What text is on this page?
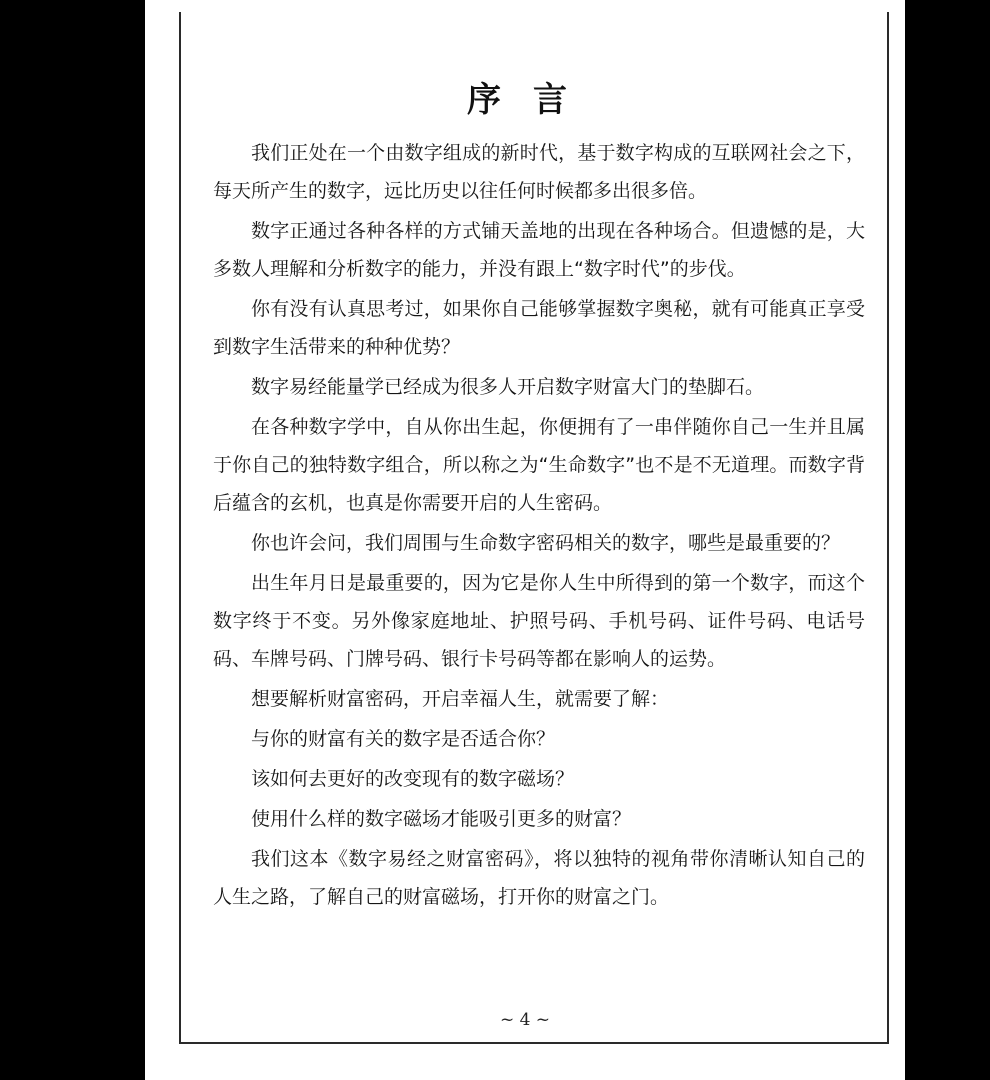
序言

我们正处在一个由数字组成的新时代，基于数字构成的互联网社会之下，每天所产生的数字，远比历史以往任何时候都多出很多倍。

数字正通过各种各样的方式铺天盖地的出现在各种场合。但遗憾的是，大多数人理解和分析数字的能力，并没有跟上“数字时代”的步伐。

你有没有认真思考过，如果你自己能够掌握数字奥秘，就有可能真正享受到数字生活带来的种种优势？

数字易经能量学已经成为很多人开启数字财富大门的垫脚石。

在各种数字学中，自从你出生起，你便拥有了一串伴随你自己一生并且属于你自己的独特数字组合，所以称之为“生命数字”也不是不无道理。而数字背后蕴含的玄机，也真是你需要开启的人生密码。

你也许会问，我们周围与生命数字密码相关的数字，哪些是最重要的？

出生年月日是最重要的，因为它是你人生中所得到的第一个数字，而这个数字终于不变。另外像家庭地址、护照号码、手机号码、证件号码、电话号码、车牌号码、门牌号码、银行卡号码等都在影响人的运势。

想要解析财富密码，开启幸福人生，就需要了解：

与你的财富有关的数字是否适合你？

该如何去更好的改变现有的数字磁场？

使用什么样的数字磁场才能吸引更多的财富？

我们这本《数字易经之财富密码》，将以独特的视角带你清晰认知自己的人生之路，了解自己的财富磁场，打开你的财富之门。

~ 4 ~
